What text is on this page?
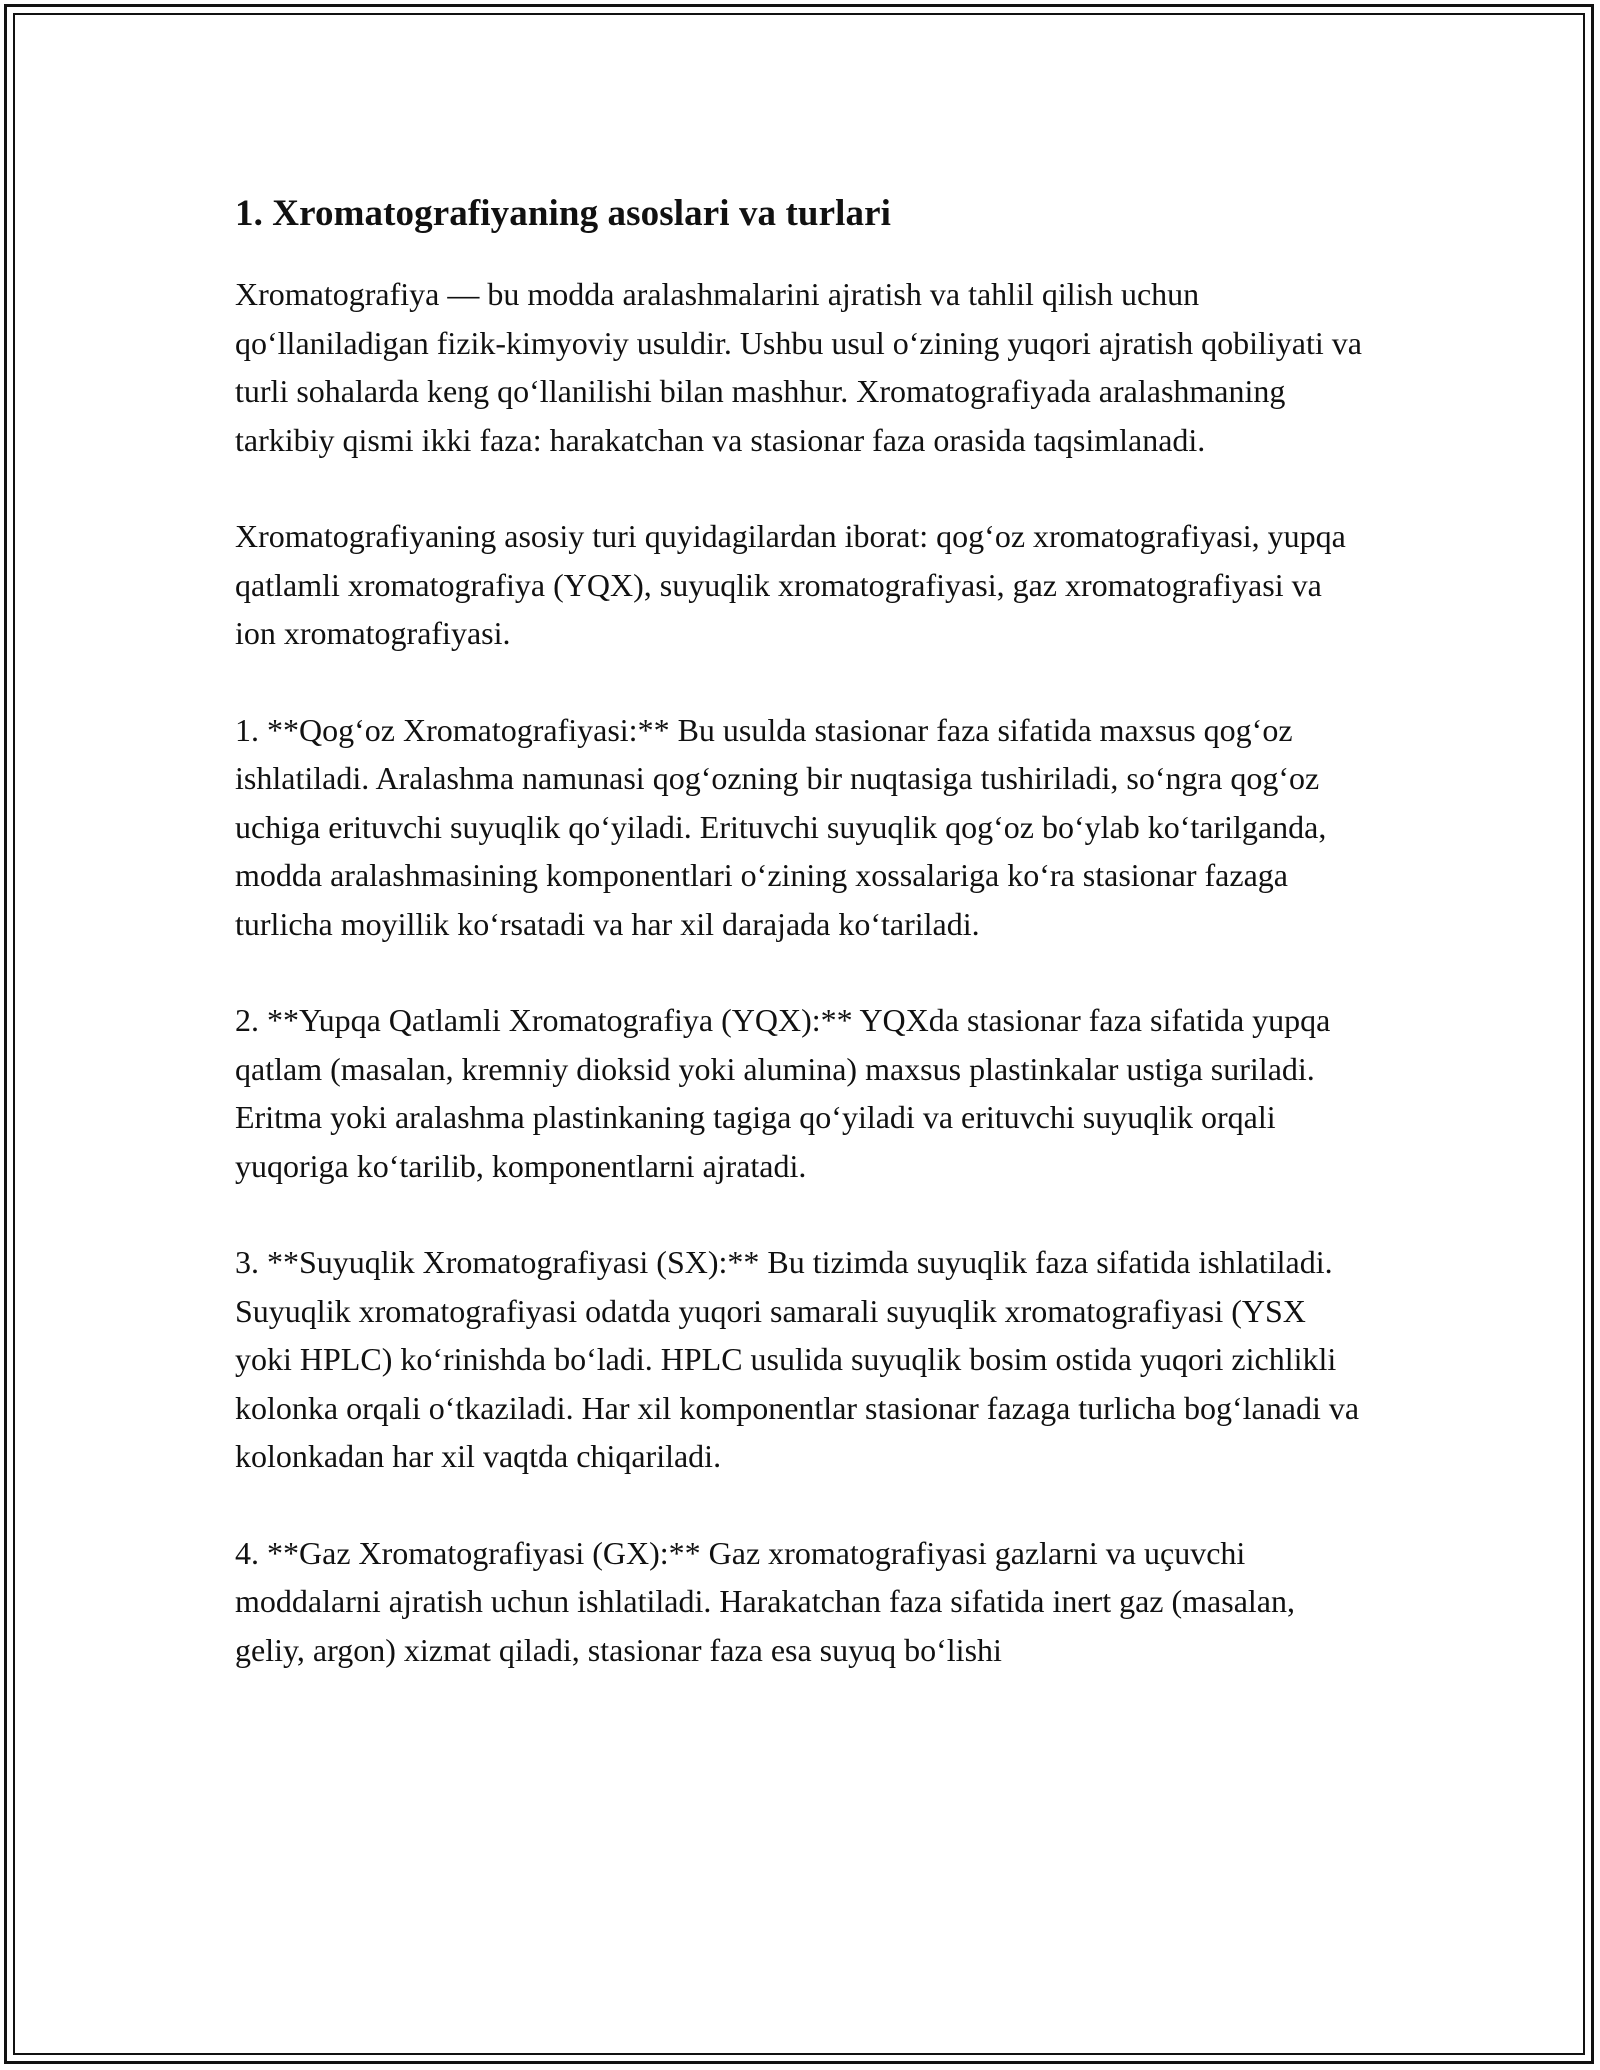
1. Xromatografiyaning asoslari va turlari

Xromatografiya — bu modda aralashmalarini ajratish va tahlil qilish uchun qo‘llaniladigan fizik-kimyoviy usuldir. Ushbu usul o‘zining yuqori ajratish qobiliyati va turli sohalarda keng qo‘llanilishi bilan mashhur. Xromatografiyada aralashmaning tarkibiy qismi ikki faza: harakatchan va stasionar faza orasida taqsimlanadi.

Xromatografiyaning asosiy turi quyidagilardan iborat: qog‘oz xromatografiyasi, yupqa qatlamli xromatografiya (YQX), suyuqlik xromatografiyasi, gaz xromatografiyasi va ion xromatografiyasi.

1. **Qog‘oz Xromatografiyasi:** Bu usulda stasionar faza sifatida maxsus qog‘oz ishlatiladi. Aralashma namunasi qog‘ozning bir nuqtasiga tushiriladi, so‘ngra qog‘oz uchiga erituvchi suyuqlik qo‘yiladi. Erituvchi suyuqlik qog‘oz bo‘ylab ko‘tarilganda, modda aralashmasining komponentlari o‘zining xossalariga ko‘ra stasionar fazaga turlicha moyillik ko‘rsatadi va har xil darajada ko‘tariladi.

2. **Yupqa Qatlamli Xromatografiya (YQX):** YQXda stasionar faza sifatida yupqa qatlam (masalan, kremniy dioksid yoki alumina) maxsus plastinkalar ustiga suriladi. Eritma yoki aralashma plastinkaning tagiga qo‘yiladi va erituvchi suyuqlik orqali yuqoriga ko‘tarilib, komponentlarni ajratadi.

3. **Suyuqlik Xromatografiyasi (SX):** Bu tizimda suyuqlik faza sifatida ishlatiladi. Suyuqlik xromatografiyasi odatda yuqori samarali suyuqlik xromatografiyasi (YSX yoki HPLC) ko‘rinishda bo‘ladi. HPLC usulida suyuqlik bosim ostida yuqori zichlikli kolonka orqali o‘tkaziladi. Har xil komponentlar stasionar fazaga turlicha bog‘lanadi va kolonkadan har xil vaqtda chiqariladi.

4. **Gaz Xromatografiyasi (GX):** Gaz xromatografiyasi gazlarni va uçuvchi moddalarni ajratish uchun ishlatiladi. Harakatchan faza sifatida inert gaz (masalan, geliy, argon) xizmat qiladi, stasionar faza esa suyuq bo‘lishi
